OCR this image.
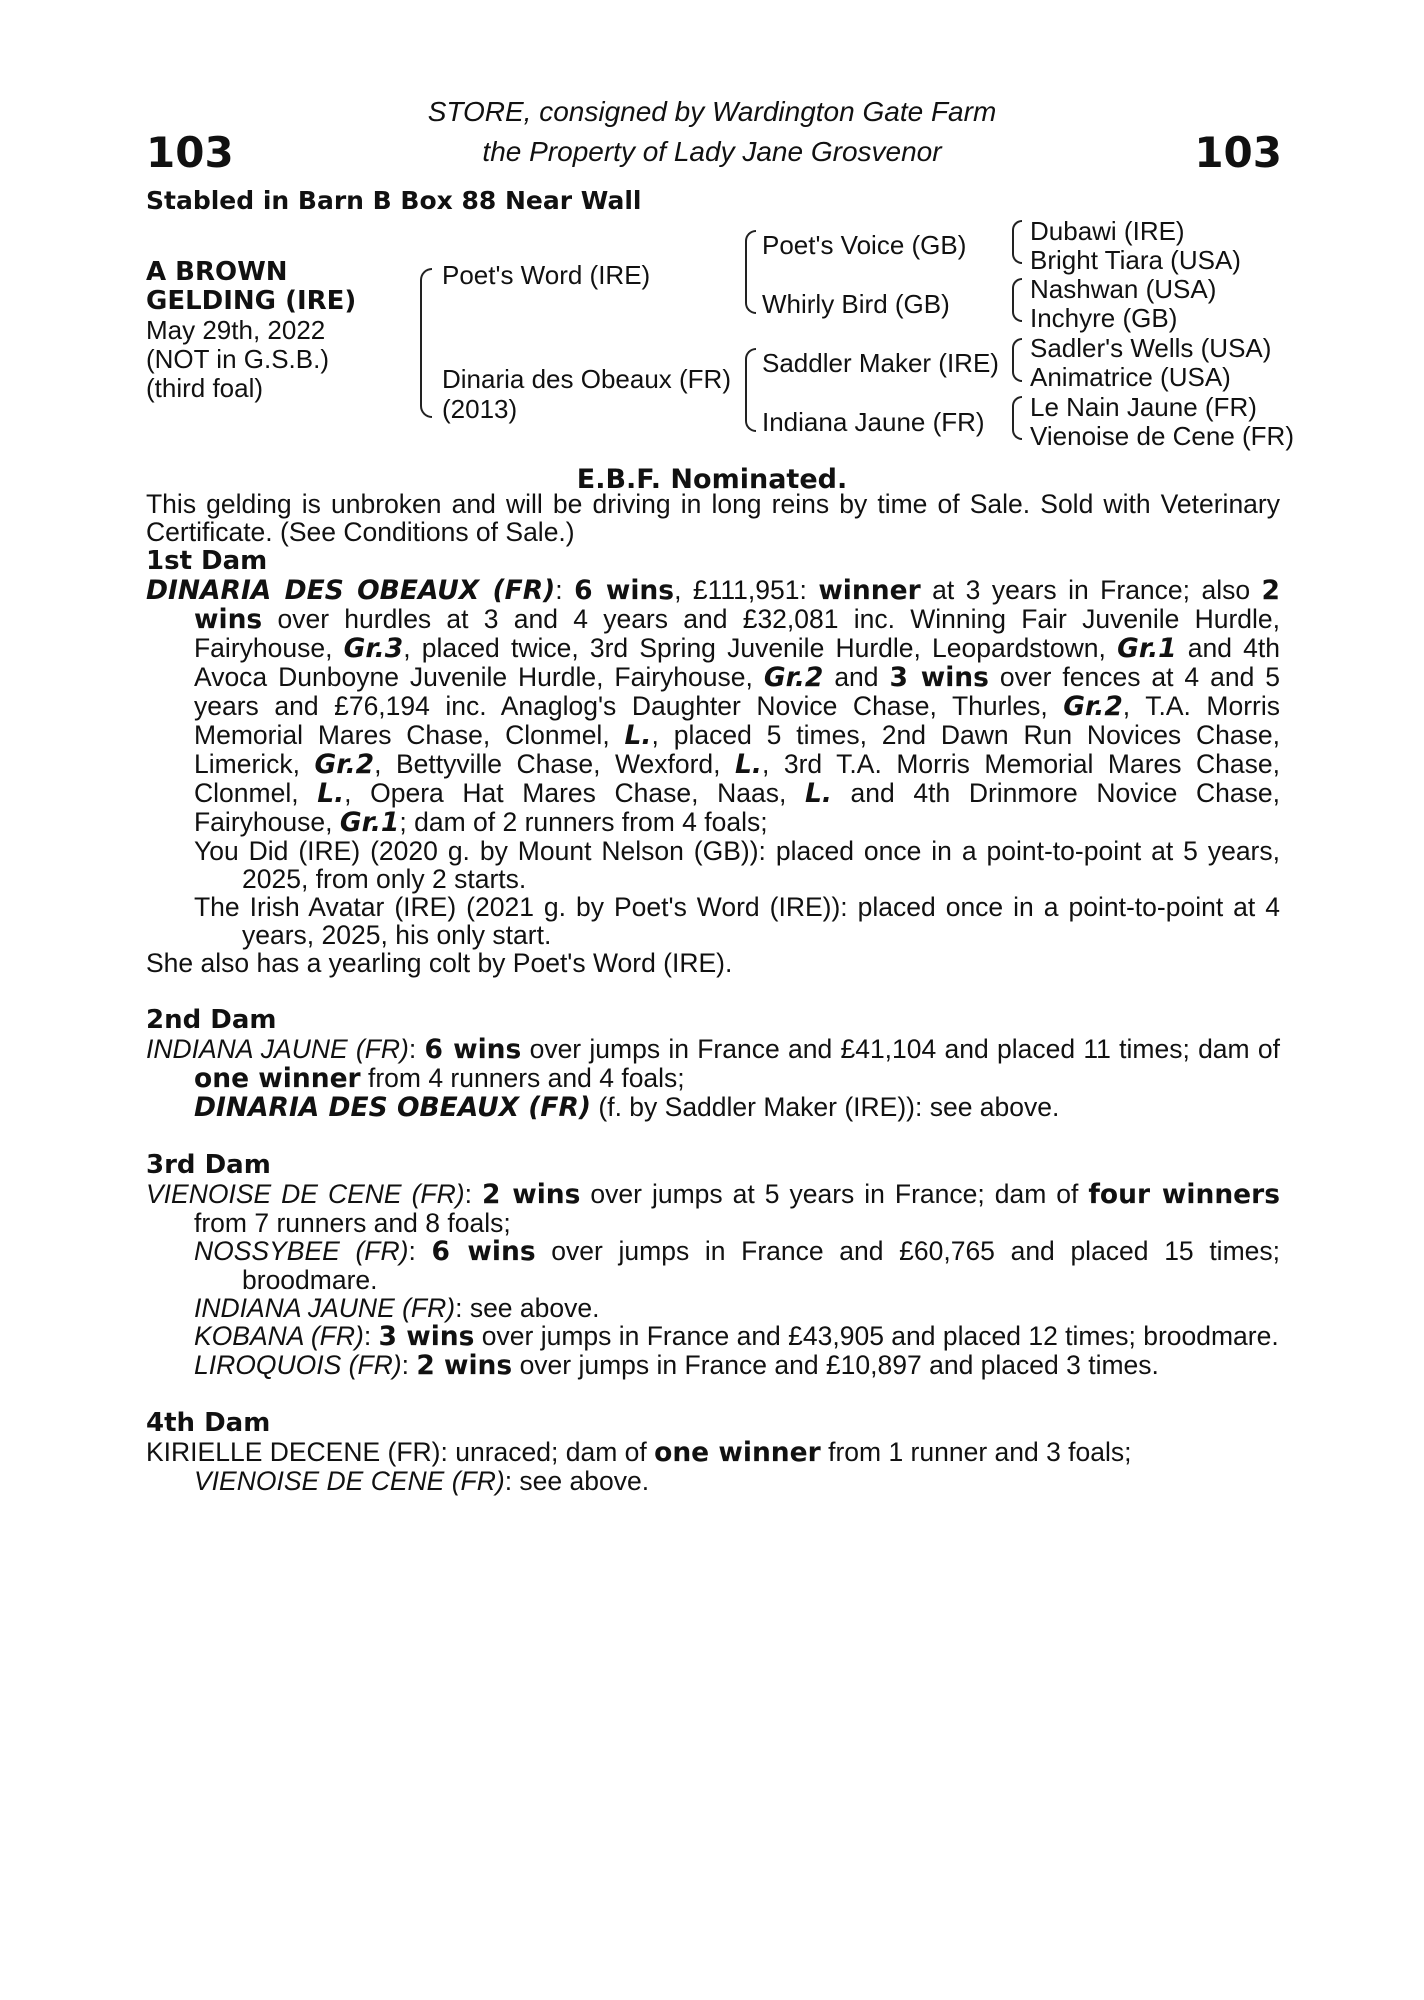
103	103
STORE, consigned by Wardington Gate Farm
the Property of Lady Jane Grosvenor
Stabled in Barn B Box 88 Near Wall
A BROWN
GELDING (IRE)
May 29th, 2022
(NOT in G.S.B.)
(third foal)
Poet's Word (IRE)
Dinaria des Obeaux (FR)
(2013)
Poet's Voice (GB)
Whirly Bird (GB)
Saddler Maker (IRE)
Indiana Jaune (FR)
Dubawi (IRE)
Bright Tiara (USA)
Nashwan (USA)
Inchyre (GB)
Sadler's Wells (USA)
Animatrice (USA)
Le Nain Jaune (FR)
Vienoise de Cene (FR)
E.B.F. Nominated.

This gelding is unbroken and will be driving in long reins by time of Sale. Sold with Veterinary Certificate. (See Conditions of Sale.)

1st Dam

DINARIA DES OBEAUX (FR): 6 wins, £111,951: winner at 3 years in France; also 2 wins over hurdles at 3 and 4 years and £32,081 inc. Winning Fair Juvenile Hurdle, Fairyhouse, Gr.3, placed twice, 3rd Spring Juvenile Hurdle, Leopardstown, Gr.1 and 4th Avoca Dunboyne Juvenile Hurdle, Fairyhouse, Gr.2 and 3 wins over fences at 4 and 5 years and £76,194 inc. Anaglog's Daughter Novice Chase, Thurles, Gr.2, T.A. Morris Memorial Mares Chase, Clonmel, L., placed 5 times, 2nd Dawn Run Novices Chase, Limerick, Gr.2, Bettyville Chase, Wexford, L., 3rd T.A. Morris Memorial Mares Chase, Clonmel, L., Opera Hat Mares Chase, Naas, L. and 4th Drinmore Novice Chase, Fairyhouse, Gr.1; dam of 2 runners from 4 foals;

You Did (IRE) (2020 g. by Mount Nelson (GB)): placed once in a point-to-point at 5 years, 2025, from only 2 starts.

The Irish Avatar (IRE) (2021 g. by Poet's Word (IRE)): placed once in a point-to-point at 4 years, 2025, his only start.

She also has a yearling colt by Poet's Word (IRE).

2nd Dam

INDIANA JAUNE (FR): 6 wins over jumps in France and £41,104 and placed 11 times; dam of one winner from 4 runners and 4 foals;

DINARIA DES OBEAUX (FR) (f. by Saddler Maker (IRE)): see above.

3rd Dam

VIENOISE DE CENE (FR): 2 wins over jumps at 5 years in France; dam of four winners from 7 runners and 8 foals;

NOSSYBEE (FR): 6 wins over jumps in France and £60,765 and placed 15 times; broodmare.

INDIANA JAUNE (FR): see above.

KOBANA (FR): 3 wins over jumps in France and £43,905 and placed 12 times; broodmare.

LIROQUOIS (FR): 2 wins over jumps in France and £10,897 and placed 3 times.

4th Dam

KIRIELLE DECENE (FR): unraced; dam of one winner from 1 runner and 3 foals;

VIENOISE DE CENE (FR): see above.
